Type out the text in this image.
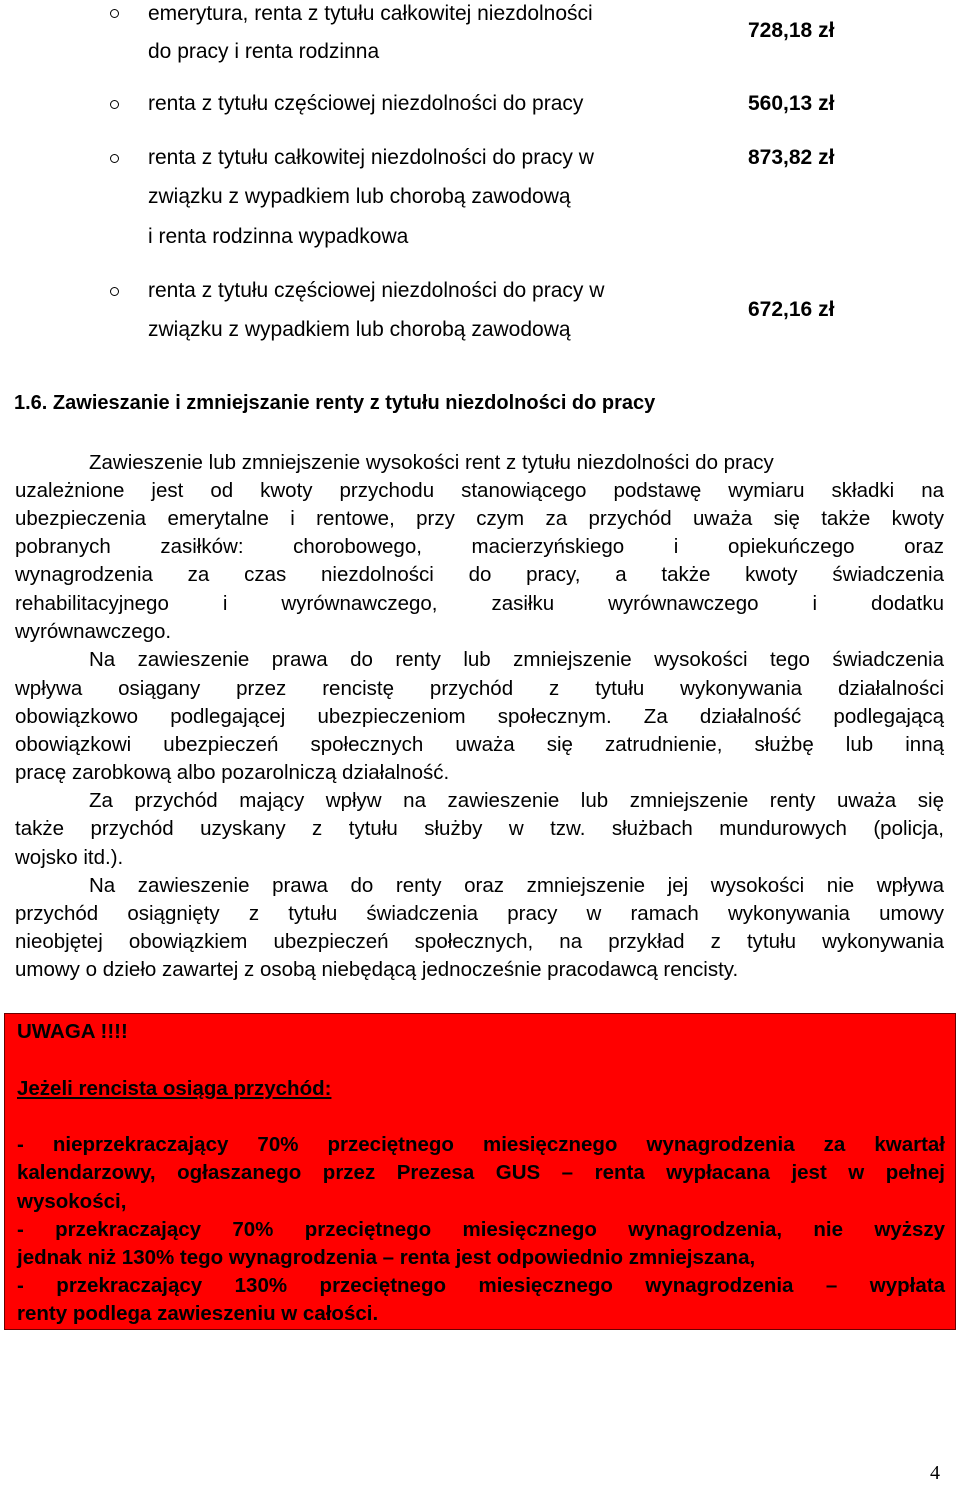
emerytura, renta z tytułu całkowitej niezdolności
do pracy i renta rodzinna
728,18 zł
renta z tytułu częściowej niezdolności do pracy	560,13 zł
renta z tytułu całkowitej niezdolności do pracy w
związku z wypadkiem lub chorobą zawodową
i renta rodzinna wypadkowa
873,82 zł
renta z tytułu częściowej niezdolności do pracy w
związku z wypadkiem lub chorobą zawodową
672,16 zł
1.6. Zawieszanie i zmniejszanie renty z tytułu niezdolności do pracy
Zawieszenie lub zmniejszenie wysokości rent z tytułu niezdolności do pracy
uzależnione jest od kwoty przychodu stanowiącego podstawę wymiaru składki na
ubezpieczenia emerytalne i rentowe, przy czym za przychód uważa się także kwoty
pobranych zasiłków: chorobowego, macierzyńskiego i opiekuńczego oraz
wynagrodzenia za czas niezdolności do pracy, a także kwoty świadczenia
rehabilitacyjnego i wyrównawczego, zasiłku wyrównawczego i dodatku
wyrównawczego.
Na zawieszenie prawa do renty lub zmniejszenie wysokości tego świadczenia
wpływa osiągany przez rencistę przychód z tytułu wykonywania działalności
obowiązkowo podlegającej ubezpieczeniom społecznym. Za działalność podlegającą
obowiązkowi ubezpieczeń społecznych uważa się zatrudnienie, służbę lub inną
pracę zarobkową albo pozarolniczą działalność.
Za przychód mający wpływ na zawieszenie lub zmniejszenie renty uważa się
także przychód uzyskany z tytułu służby w tzw. służbach mundurowych (policja,
wojsko itd.).
Na zawieszenie prawa do renty oraz zmniejszenie jej wysokości nie wpływa
przychód osiągnięty z tytułu świadczenia pracy w ramach wykonywania umowy
nieobjętej obowiązkiem ubezpieczeń społecznych, na przykład z tytułu wykonywania
umowy o dzieło zawartej z osobą niebędącą jednocześnie pracodawcą rencisty.
UWAGA !!!!
Jeżeli rencista osiąga przychód:
- nieprzekraczający 70% przeciętnego miesięcznego wynagrodzenia za kwartał
kalendarzowy, ogłaszanego przez Prezesa GUS – renta wypłacana jest w pełnej
wysokości,
- przekraczający 70% przeciętnego miesięcznego wynagrodzenia, nie wyższy
jednak niż 130% tego wynagrodzenia – renta jest odpowiednio zmniejszana,
- przekraczający 130% przeciętnego miesięcznego wynagrodzenia – wypłata
renty podlega zawieszeniu w całości.
4
